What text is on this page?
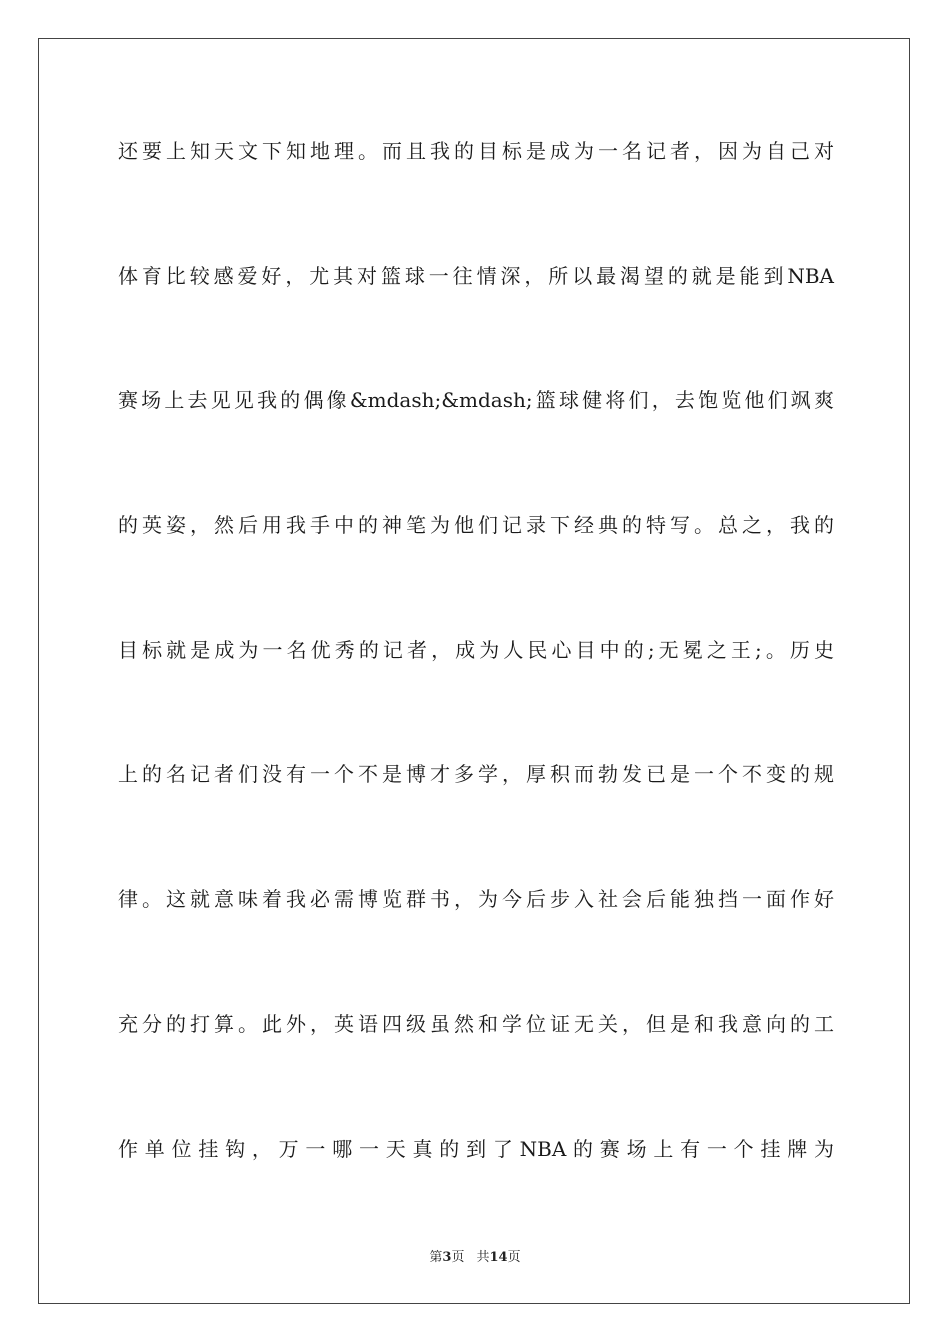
还要上知天文下知地理。而且我的目标是成为一名记者，因为自己对
体育比较感爱好，尤其对篮球一往情深，所以最渴望的就是能到NBA
赛场上去见见我的偶像&mdash;&mdash;篮球健将们，去饱览他们飒爽
的英姿，然后用我手中的神笔为他们记录下经典的特写。总之，我的
目标就是成为一名优秀的记者，成为人民心目中的;无冕之王;。历史
上的名记者们没有一个不是博才多学，厚积而勃发已是一个不变的规
律。这就意味着我必需博览群书，为今后步入社会后能独挡一面作好
充分的打算。此外，英语四级虽然和学位证无关，但是和我意向的工
作单位挂钩，万一哪一天真的到了NBA的赛场上有一个挂牌为
第3页 共14页
